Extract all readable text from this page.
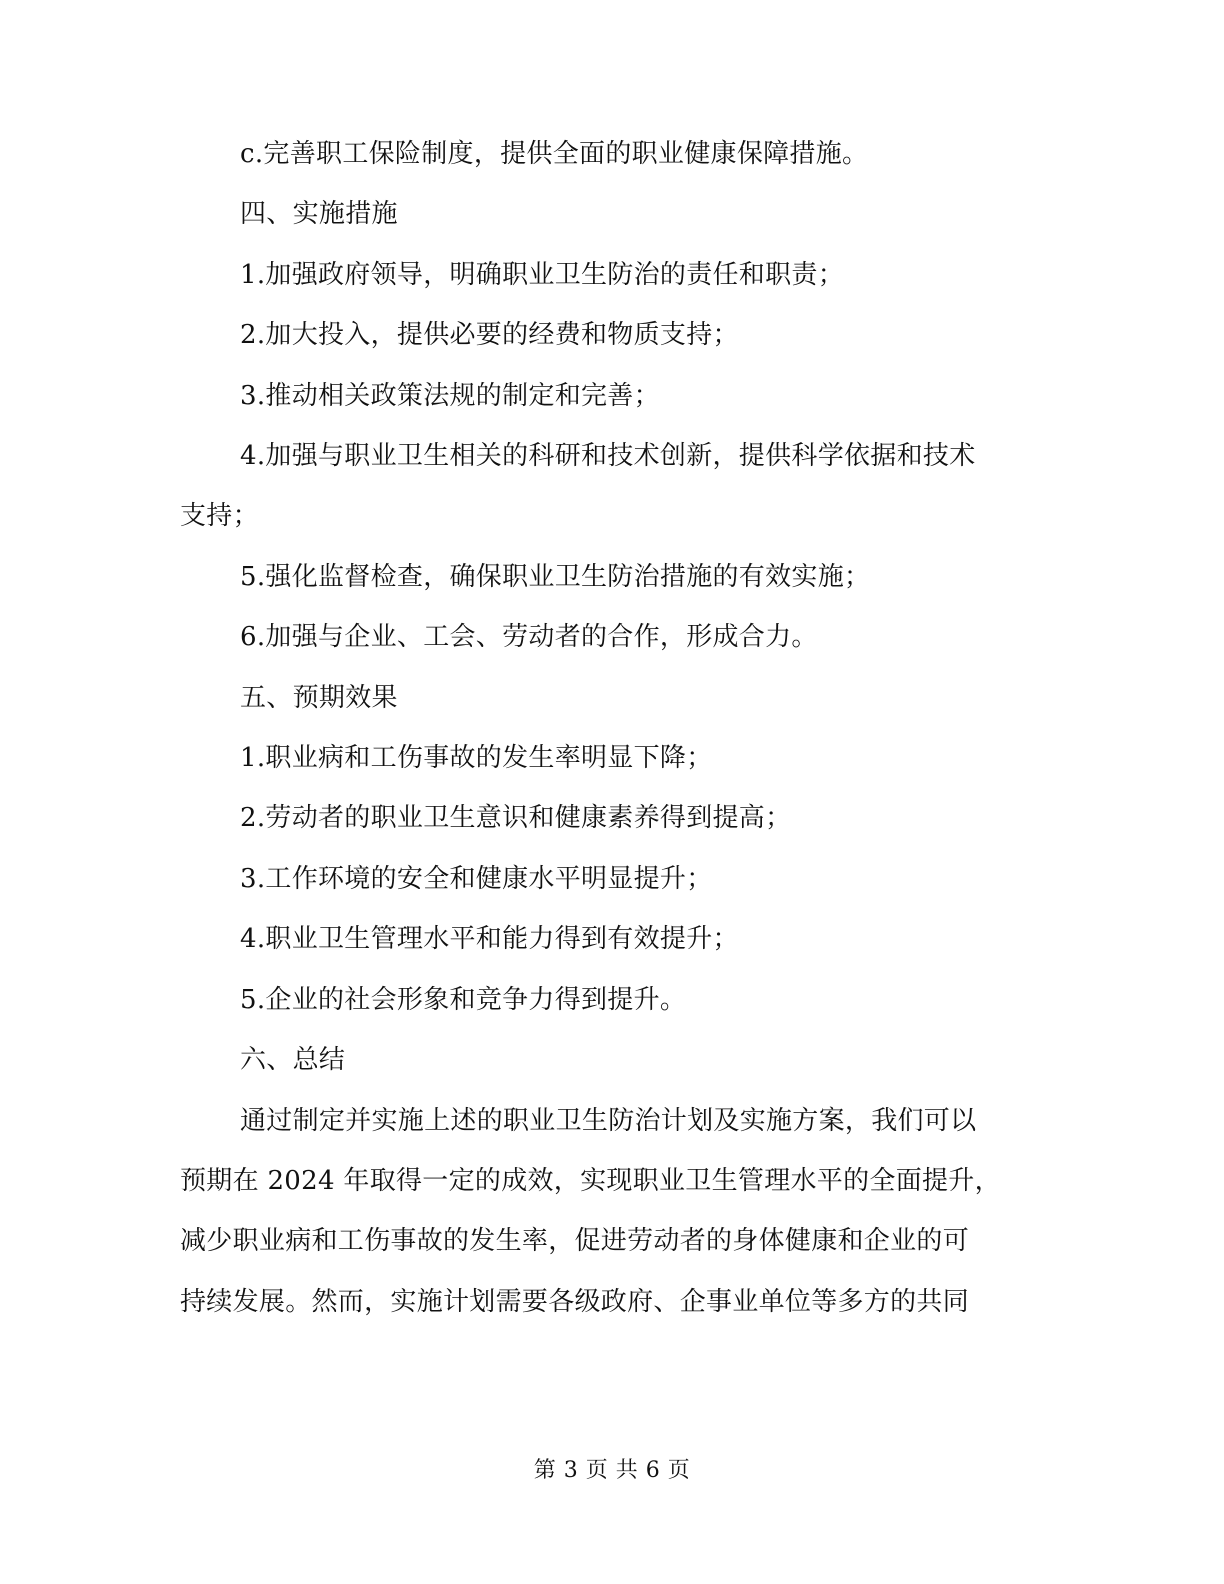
c.完善职工保险制度，提供全面的职业健康保障措施。

四、实施措施

1.加强政府领导，明确职业卫生防治的责任和职责；

2.加大投入，提供必要的经费和物质支持；

3.推动相关政策法规的制定和完善；

4.加强与职业卫生相关的科研和技术创新，提供科学依据和技术

支持；

5.强化监督检查，确保职业卫生防治措施的有效实施；

6.加强与企业、工会、劳动者的合作，形成合力。

五、预期效果

1.职业病和工伤事故的发生率明显下降；

2.劳动者的职业卫生意识和健康素养得到提高；

3.工作环境的安全和健康水平明显提升；

4.职业卫生管理水平和能力得到有效提升；

5.企业的社会形象和竞争力得到提升。

六、总结

通过制定并实施上述的职业卫生防治计划及实施方案，我们可以

预期在 2024 年取得一定的成效，实现职业卫生管理水平的全面提升，

减少职业病和工伤事故的发生率，促进劳动者的身体健康和企业的可

持续发展。然而，实施计划需要各级政府、企事业单位等多方的共同

第 3 页 共 6 页
